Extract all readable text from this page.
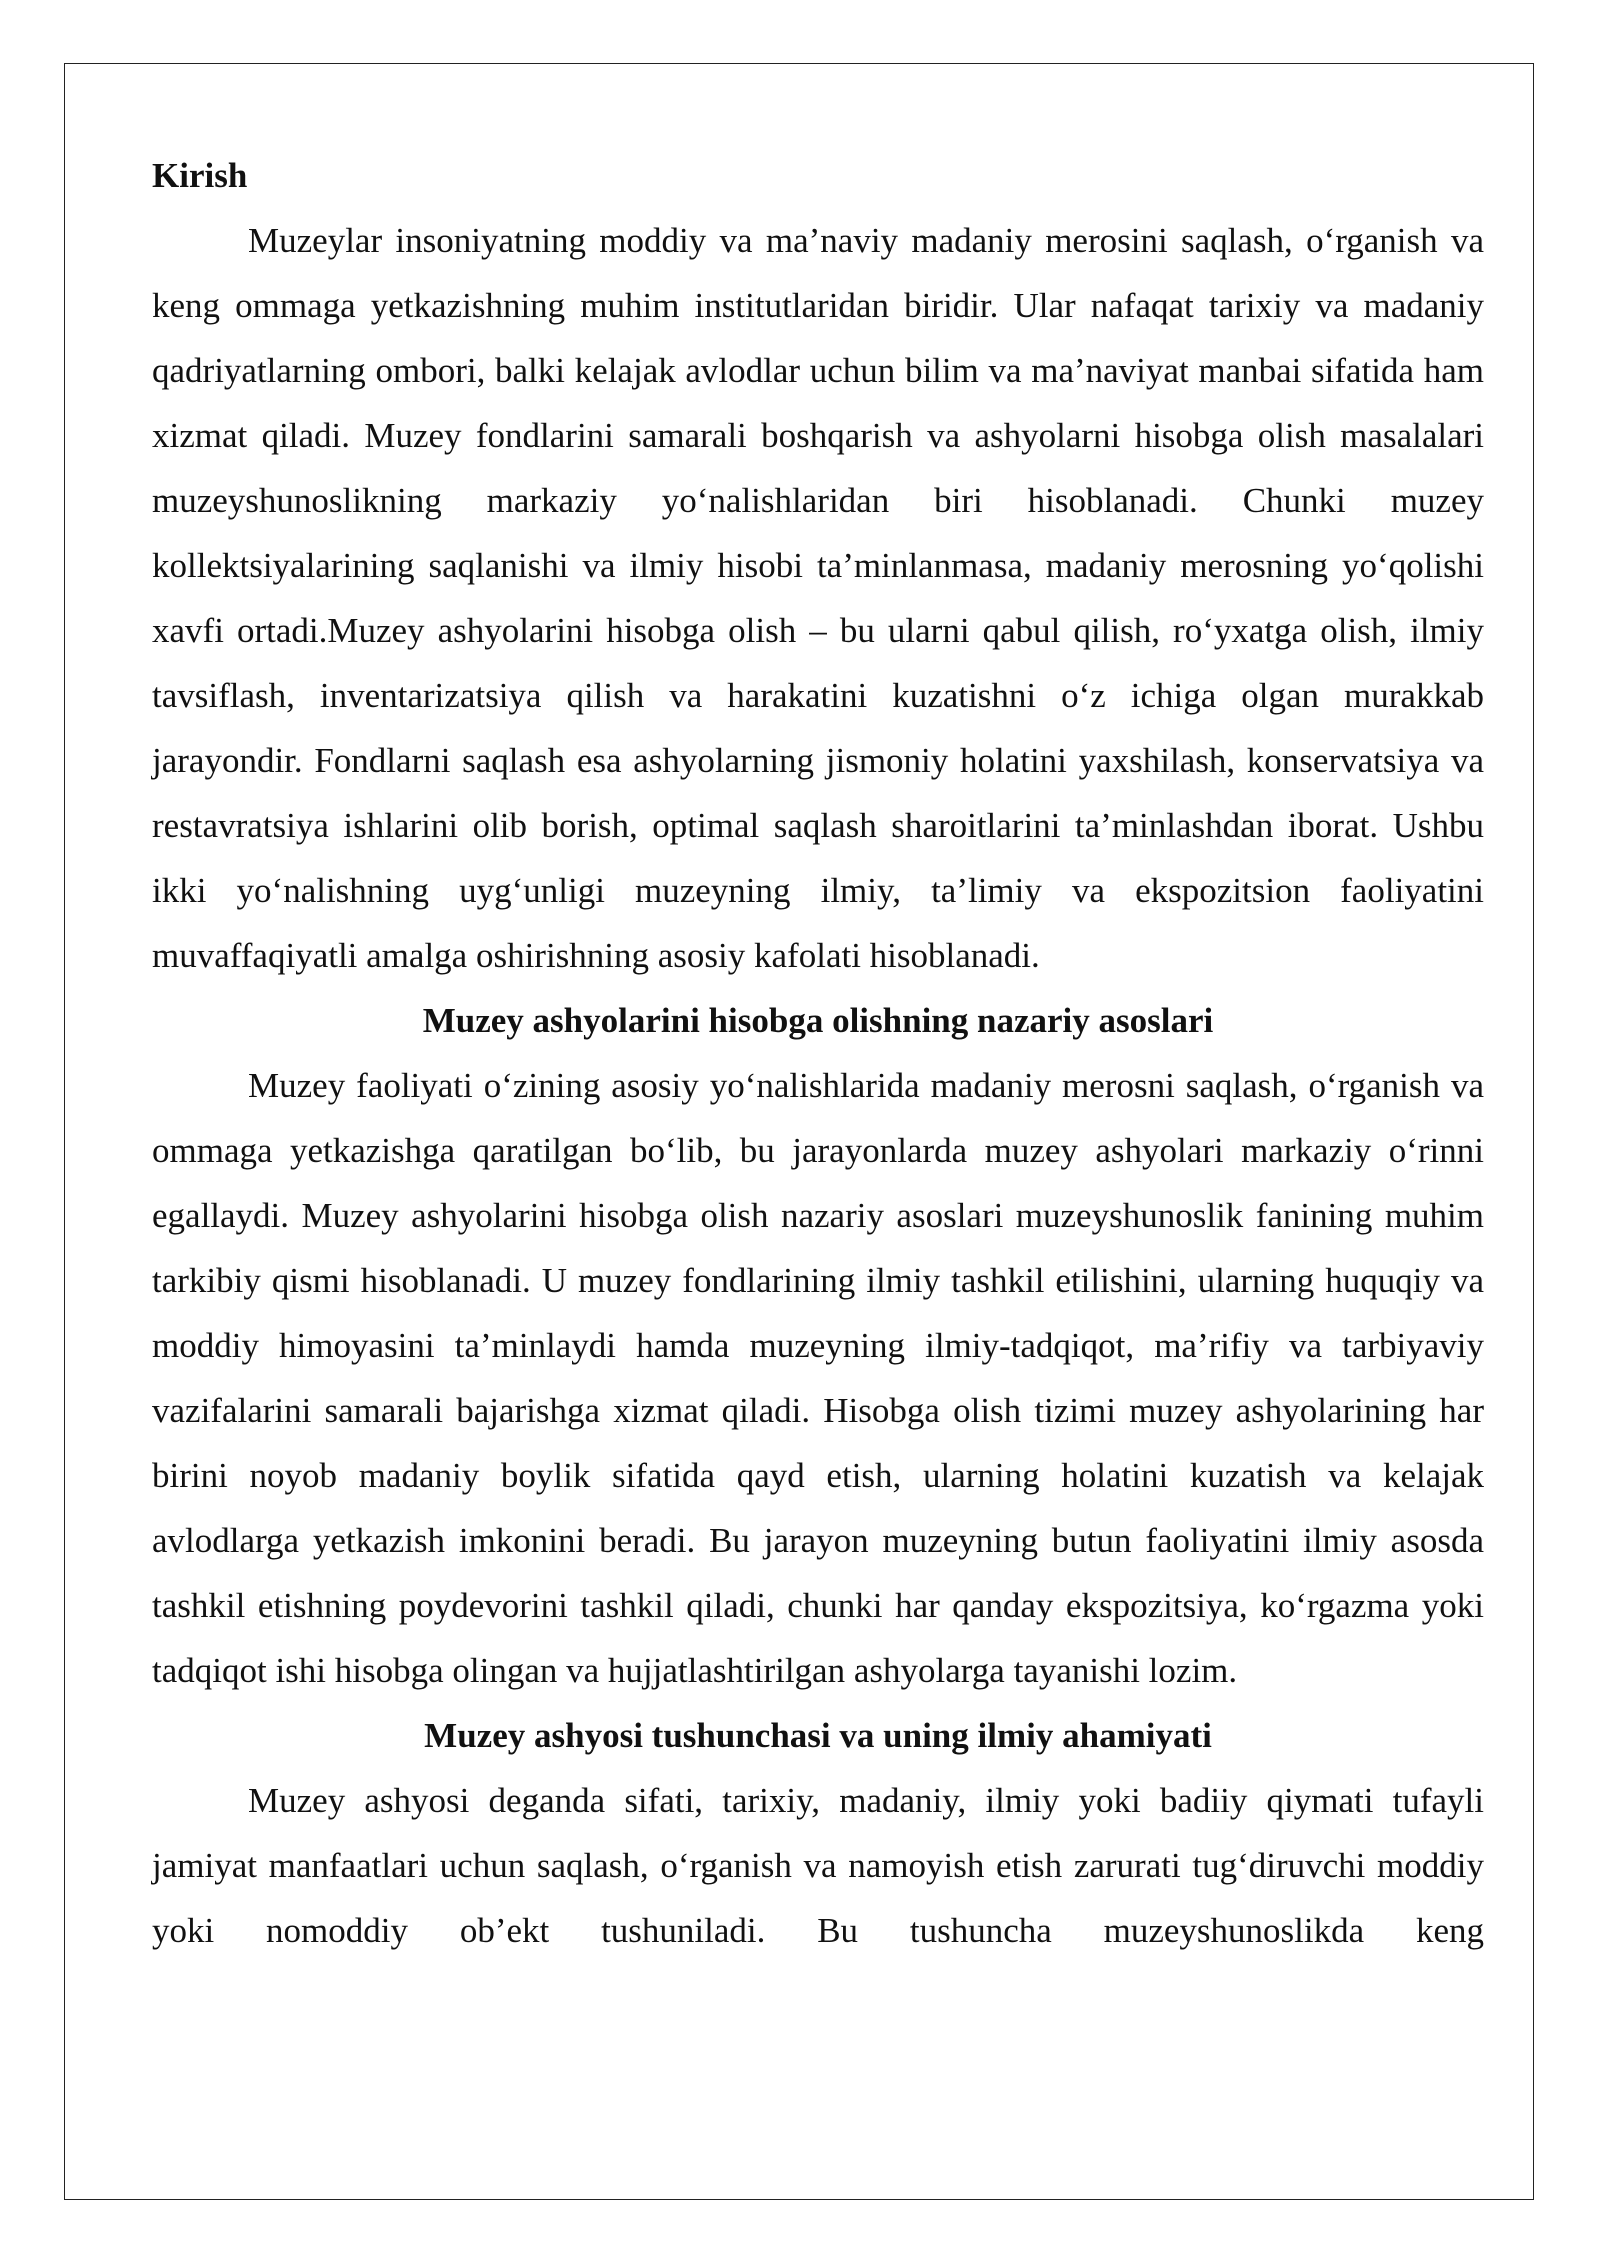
Kirish

Muzeylar insoniyatning moddiy va ma’naviy madaniy merosini saqlash, o‘rganish va keng ommaga yetkazishning muhim institutlaridan biridir. Ular nafaqat tarixiy va madaniy qadriyatlarning ombori, balki kelajak avlodlar uchun bilim va ma’naviyat manbai sifatida ham xizmat qiladi. Muzey fondlarini samarali boshqarish va ashyolarni hisobga olish masalalari muzeyshunoslikning markaziy yo‘nalishlaridan biri hisoblanadi. Chunki muzey kollektsiyalarining saqlanishi va ilmiy hisobi ta’minlanmasa, madaniy merosning yo‘qolishi xavfi ortadi.Muzey ashyolarini hisobga olish – bu ularni qabul qilish, ro‘yxatga olish, ilmiy tavsiflash, inventarizatsiya qilish va harakatini kuzatishni o‘z ichiga olgan murakkab jarayondir. Fondlarni saqlash esa ashyolarning jismoniy holatini yaxshilash, konservatsiya va restavratsiya ishlarini olib borish, optimal saqlash sharoitlarini ta’minlashdan iborat. Ushbu ikki yo‘nalishning uyg‘unligi muzeyning ilmiy, ta’limiy va ekspozitsion faoliyatini muvaffaqiyatli amalga oshirishning asosiy kafolati hisoblanadi.

Muzey ashyolarini hisobga olishning nazariy asoslari

Muzey faoliyati o‘zining asosiy yo‘nalishlarida madaniy merosni saqlash, o‘rganish va ommaga yetkazishga qaratilgan bo‘lib, bu jarayonlarda muzey ashyolari markaziy o‘rinni egallaydi. Muzey ashyolarini hisobga olish nazariy asoslari muzeyshunoslik fanining muhim tarkibiy qismi hisoblanadi. U muzey fondlarining ilmiy tashkil etilishini, ularning huquqiy va moddiy himoyasini ta’minlaydi hamda muzeyning ilmiy-tadqiqot, ma’rifiy va tarbiyaviy vazifalarini samarali bajarishga xizmat qiladi. Hisobga olish tizimi muzey ashyolarining har birini noyob madaniy boylik sifatida qayd etish, ularning holatini kuzatish va kelajak avlodlarga yetkazish imkonini beradi. Bu jarayon muzeyning butun faoliyatini ilmiy asosda tashkil etishning poydevorini tashkil qiladi, chunki har qanday ekspozitsiya, ko‘rgazma yoki tadqiqot ishi hisobga olingan va hujjatlashtirilgan ashyolarga tayanishi lozim.

Muzey ashyosi tushunchasi va uning ilmiy ahamiyati

Muzey ashyosi deganda sifati, tarixiy, madaniy, ilmiy yoki badiiy qiymati tufayli jamiyat manfaatlari uchun saqlash, o‘rganish va namoyish etish zarurati tug‘diruvchi moddiy yoki nomoddiy ob’ekt tushuniladi. Bu tushuncha muzeyshunoslikda keng
